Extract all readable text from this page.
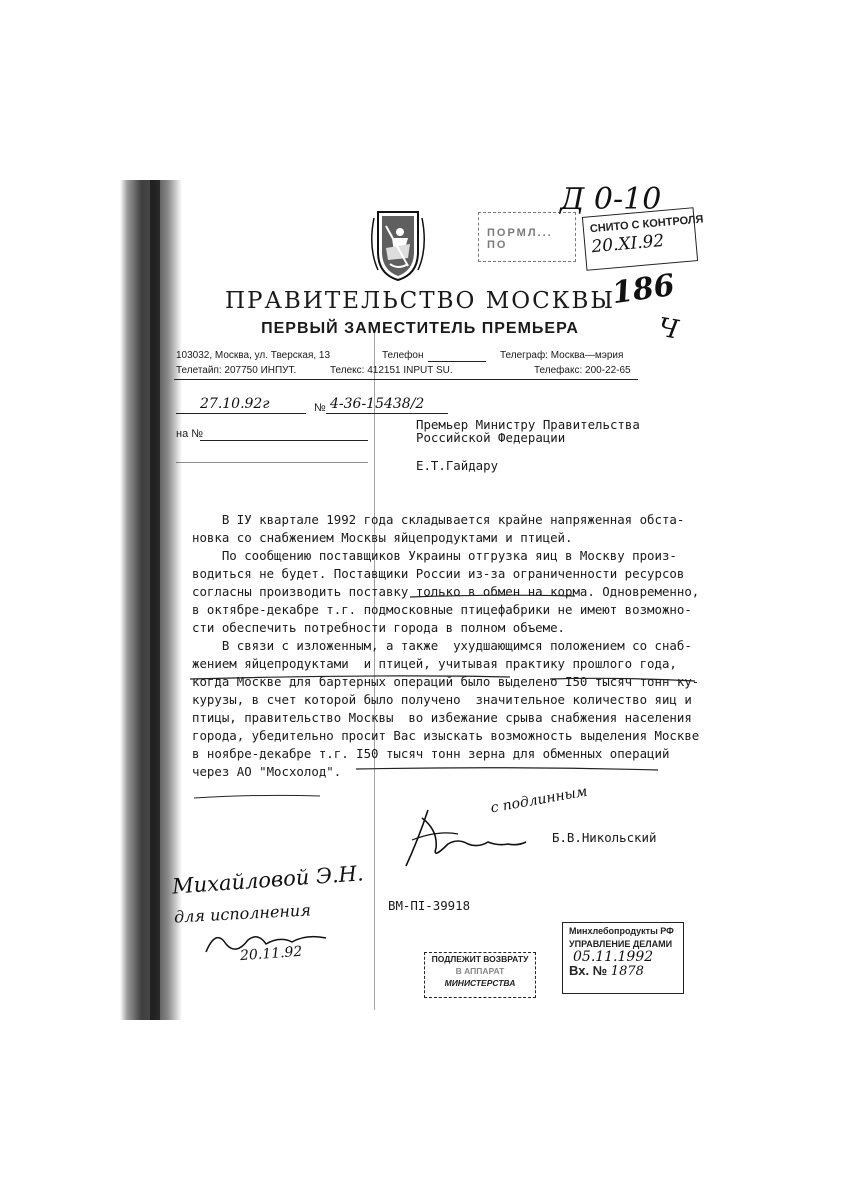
Д 0-10
186
Ч
ПОРМЛ... ПО
СНИТО С КОНТРОЛЯ
20.XI.92
ПРАВИТЕЛЬСТВО МОСКВЫ
ПЕРВЫЙ ЗАМЕСТИТЕЛЬ ПРЕМЬЕРА
103032, Москва, ул. Тверская, 13	Телефон	Телеграф: Москва—мэрия
Телетайп: 207750 ИНПУТ.	Телекс: 412151 INPUT SU.	Телефакс: 200-22-65
27.10.92г	№ 4-36-15438/2
на №
Премьер Министру Правительства
Российской Федерации
Е.Т.Гайдару
В IУ квартале 1992 года складывается крайне напряженная обста-
новка со снабжением Москвы яйцепродуктами и птицей.
По сообщению поставщиков Украины отгрузка яиц в Москву произ-
водиться не будет. Поставщики России из-за ограниченности ресурсов
согласны производить поставку только в обмен на корма. Одновременно,
в октябре-декабре т.г. подмосковные птицефабрики не имеют возможно-
сти обеспечить потребности города в полном объеме.
В связи с изложенным, а также  ухудшающимся положением со снаб-
жением яйцепродуктами  и птицей, учитывая практику прошлого года,
когда Москве для бартерных операций было выделено I50 тысяч тонн ку-
курузы, в счет которой было получено  значительное количество яиц и
птицы, правительство Москвы  во избежание срыва снабжения населения
города, убедительно просит Вас изыскать возможность выделения Москве
в ноябре-декабре т.г. I50 тысяч тонн зерна для обменных операций
через АО "Мосхолод".
с подлинным
Б.В.Никольский
Михайловой Э.Н.
для исполнения
20.11.92
ВМ-ПI-39918
ПОДЛЕЖИТ ВОЗВРАТУ
В АППАРАТ
МИНИСТЕРСТВА
Минхлебопродукты РФ
УПРАВЛЕНИЕ ДЕЛАМИ
05.11.1992
Вх. № 1878
